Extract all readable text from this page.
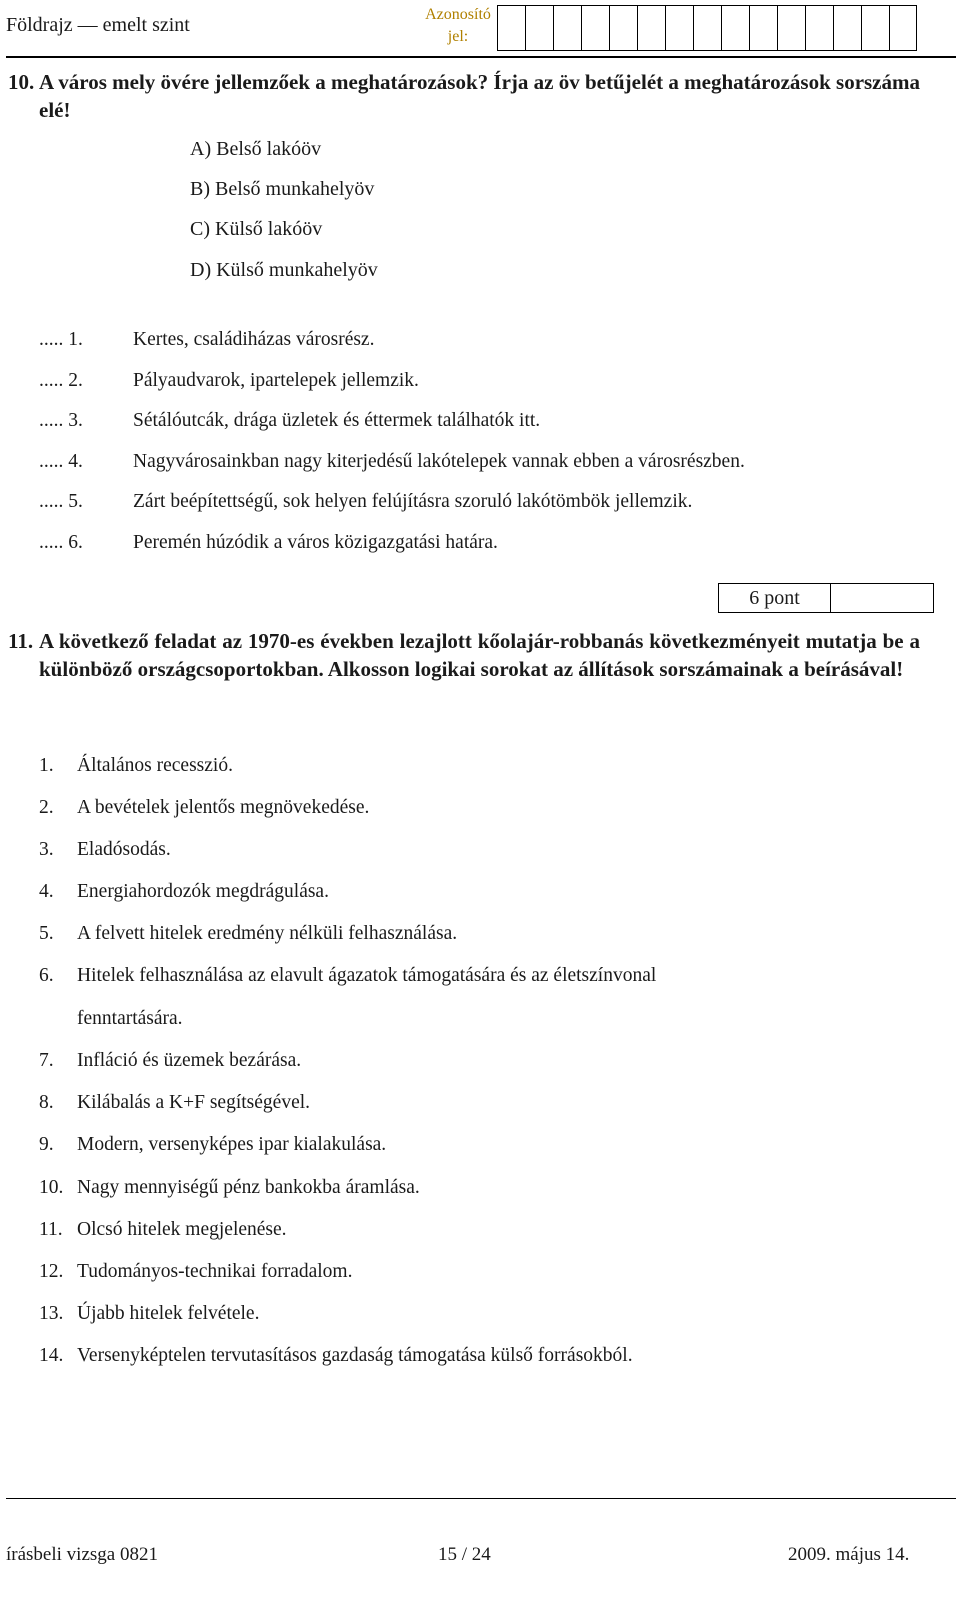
Földrajz — emelt szint	Azonosító
jel:
10. A város mely övére jellemzőek a meghatározások? Írja az öv betűjelét a meghatározások sorszáma elé!
A) Belső lakóöv
B) Belső munkahelyöv
C) Külső lakóöv
D) Külső munkahelyöv
..... 1.	Kertes, családiházas városrész.
..... 2.	Pályaudvarok, ipartelepek jellemzik.
..... 3.	Sétálóutcák, drága üzletek és éttermek találhatók itt.
..... 4.	Nagyvárosainkban nagy kiterjedésű lakótelepek vannak ebben a városrészben.
..... 5.	Zárt beépítettségű, sok helyen felújításra szoruló lakótömbök jellemzik.
..... 6.	Peremén húzódik a város közigazgatási határa.
6 pont
11. A következő feladat az 1970-es években lezajlott kőolajár-robbanás következményeit mutatja be a különböző országcsoportokban. Alkosson logikai sorokat az állítások sorszámainak a beírásával!
1. Általános recesszió.
2. A bevételek jelentős megnövekedése.
3. Eladósodás.
4. Energiahordozók megdrágulása.
5. A felvett hitelek eredmény nélküli felhasználása.
6. Hitelek felhasználása az elavult ágazatok támogatására és az életszínvonal
fenntartására.
7. Infláció és üzemek bezárása.
8. Kilábalás a K+F segítségével.
9. Modern, versenyképes ipar kialakulása.
10. Nagy mennyiségű pénz bankokba áramlása.
11. Olcsó hitelek megjelenése.
12. Tudományos-technikai forradalom.
13. Újabb hitelek felvétele.
14. Versenyképtelen tervutasításos gazdaság támogatása külső forrásokból.
írásbeli vizsga 0821	15 / 24	2009. május 14.
